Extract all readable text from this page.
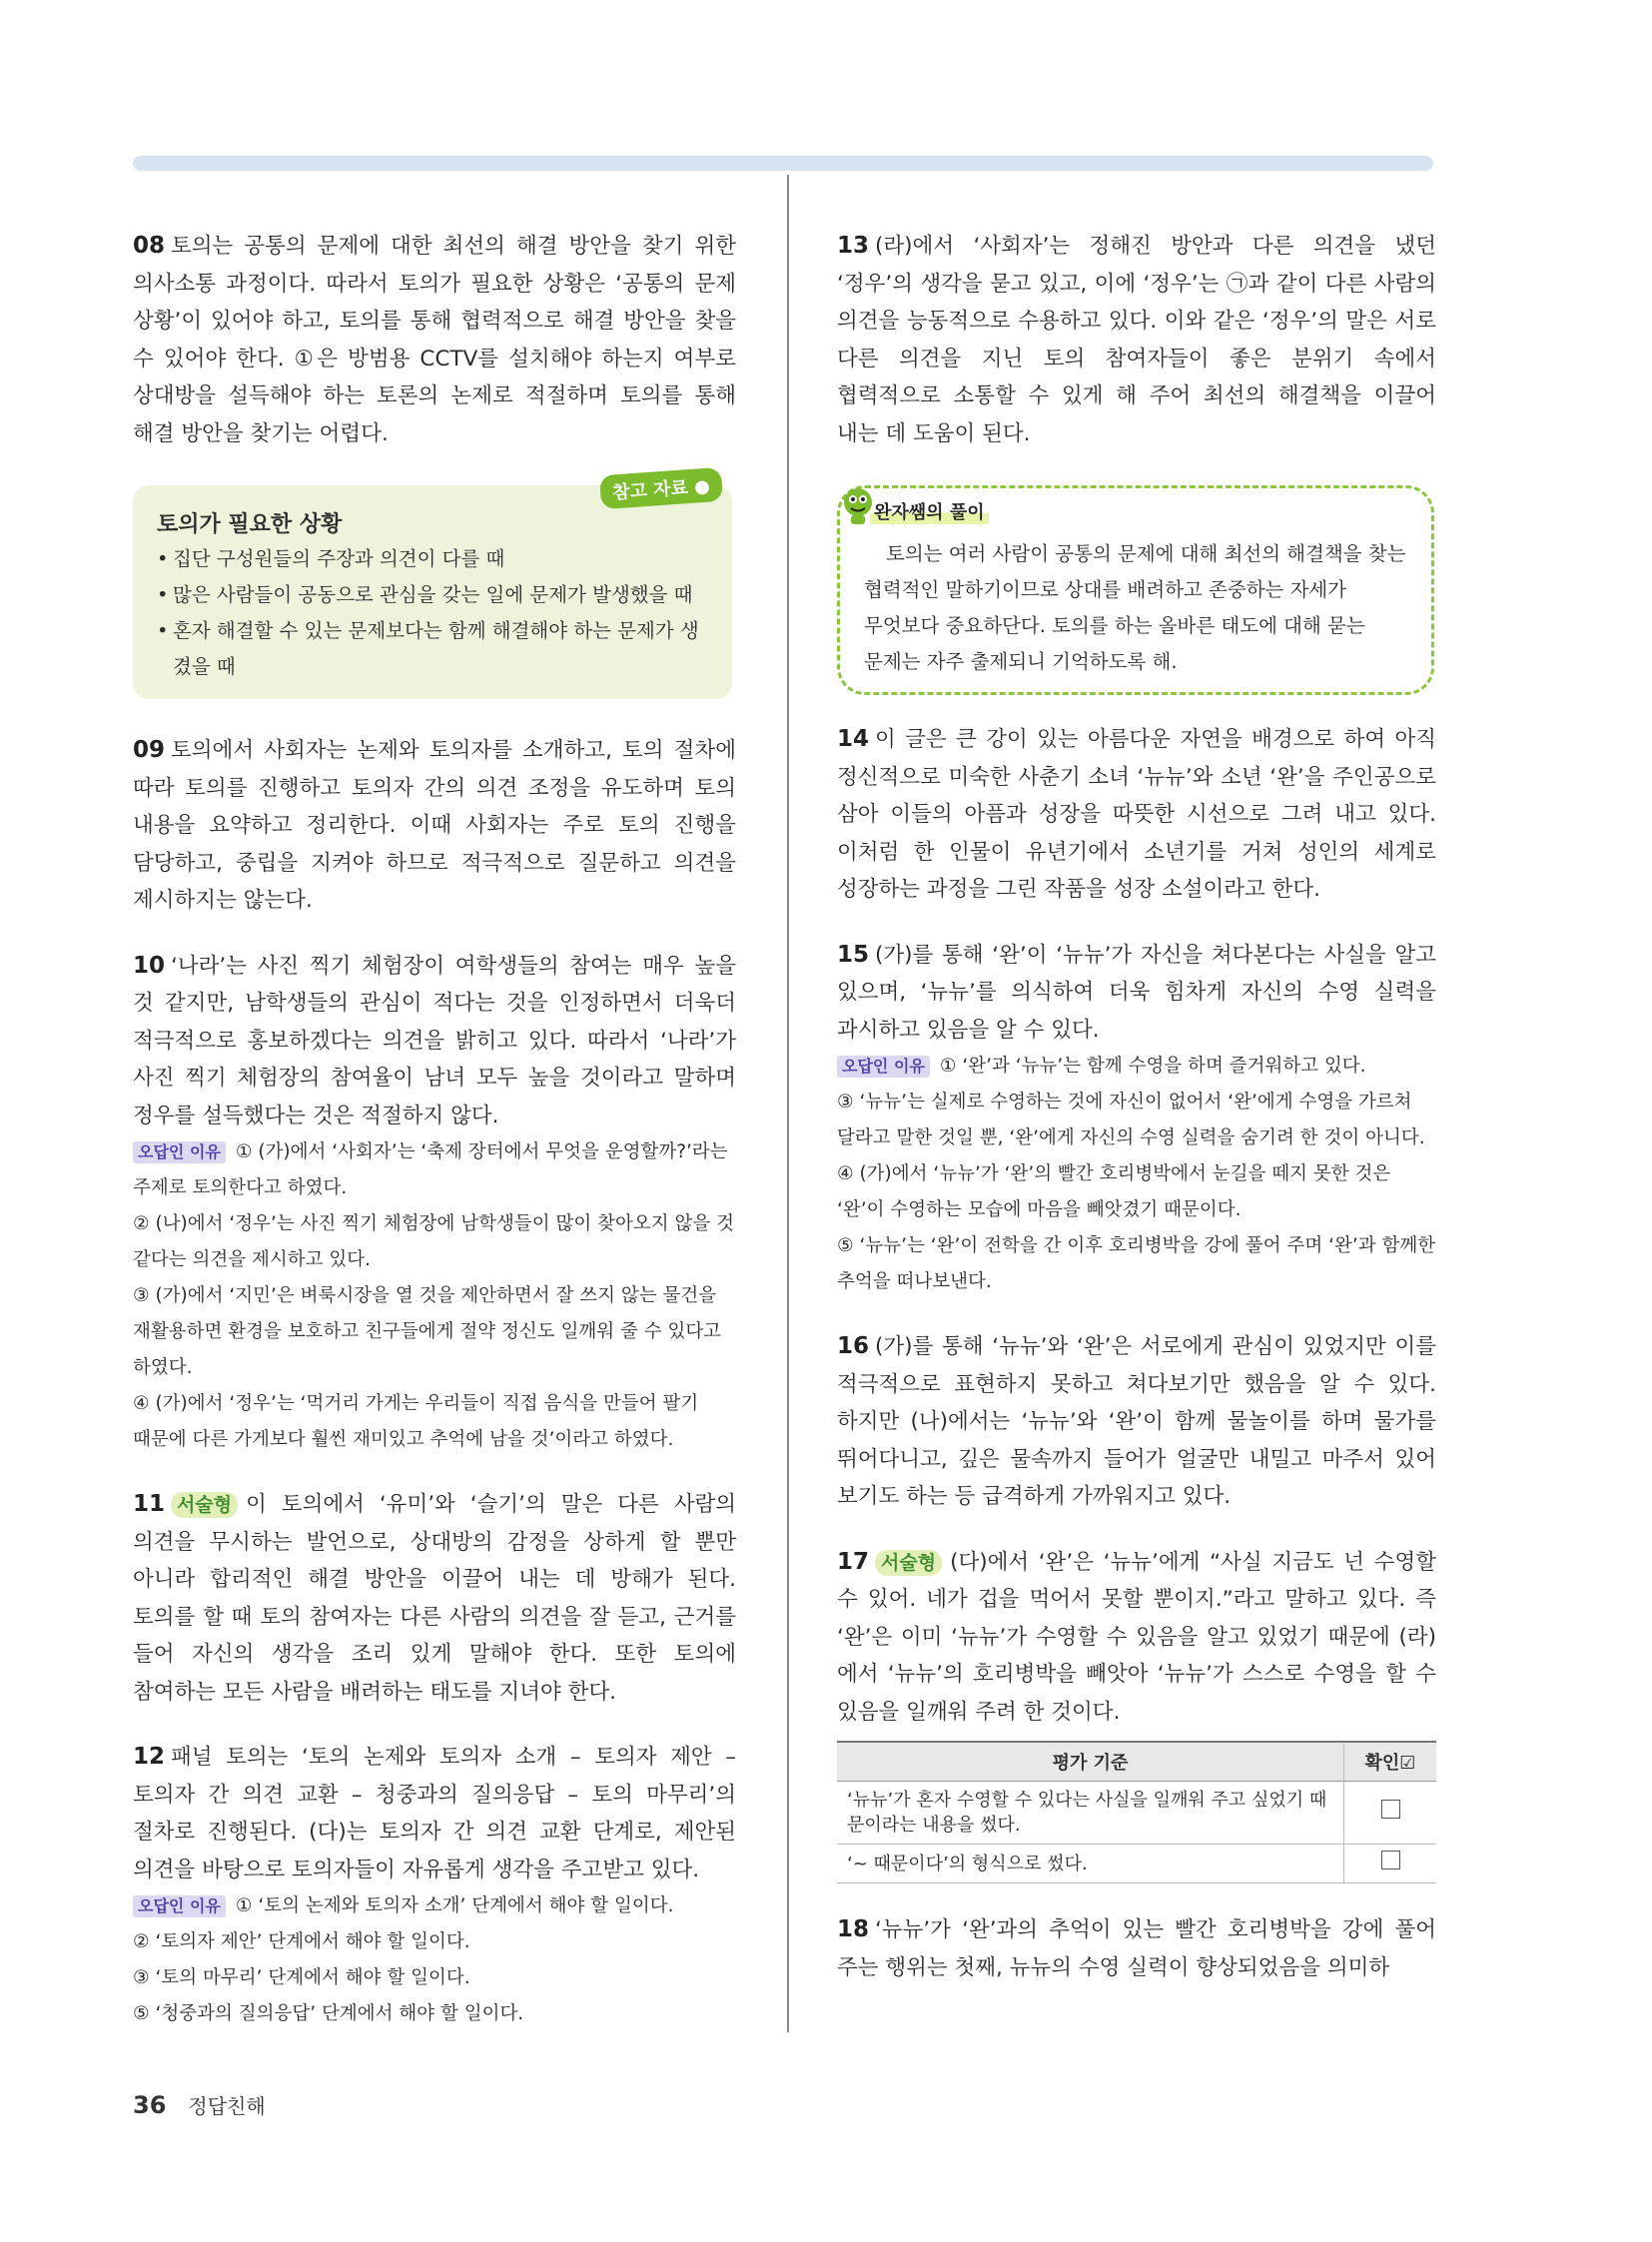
08 토의는 공통의 문제에 대한 최선의 해결 방안을 찾기 위한 의사소통 과정이다. 따라서 토의가 필요한 상황은 ‘공통의 문제 상황’이 있어야 하고, 토의를 통해 협력적으로 해결 방안을 찾을 수 있어야 한다. ①은 방범용 CCTV를 설치해야 하는지 여부로 상대방을 설득해야 하는 토론의 논제로 적절하며 토의를 통해 해결 방안을 찾기는 어렵다.

참고 자료 ●
토의가 필요한 상황
• 집단 구성원들의 주장과 의견이 다를 때
• 많은 사람들이 공동으로 관심을 갖는 일에 문제가 발생했을 때
• 혼자 해결할 수 있는 문제보다는 함께 해결해야 하는 문제가 생겼을 때

09 토의에서 사회자는 논제와 토의자를 소개하고, 토의 절차에 따라 토의를 진행하고 토의자 간의 의견 조정을 유도하며 토의 내용을 요약하고 정리한다. 이때 사회자는 주로 토의 진행을 담당하고, 중립을 지켜야 하므로 적극적으로 질문하고 의견을 제시하지는 않는다.

10 ‘나라’는 사진 찍기 체험장이 여학생들의 참여는 매우 높을 것 같지만, 남학생들의 관심이 적다는 것을 인정하면서 더욱더 적극적으로 홍보하겠다는 의견을 밝히고 있다. 따라서 ‘나라’가 사진 찍기 체험장의 참여율이 남녀 모두 높을 것이라고 말하며 정우를 설득했다는 것은 적절하지 않다.

오답인 이유 ① (가)에서 ‘사회자’는 ‘축제 장터에서 무엇을 운영할까?’라는 주제로 토의한다고 하였다.

② (나)에서 ‘정우’는 사진 찍기 체험장에 남학생들이 많이 찾아오지 않을 것 같다는 의견을 제시하고 있다.

③ (가)에서 ‘지민’은 벼룩시장을 열 것을 제안하면서 잘 쓰지 않는 물건을 재활용하면 환경을 보호하고 친구들에게 절약 정신도 일깨워 줄 수 있다고 하였다.

④ (가)에서 ‘정우’는 ‘먹거리 가게는 우리들이 직접 음식을 만들어 팔기 때문에 다른 가게보다 훨씬 재미있고 추억에 남을 것’이라고 하였다.

11 서술형 이 토의에서 ‘유미’와 ‘슬기’의 말은 다른 사람의 의견을 무시하는 발언으로, 상대방의 감정을 상하게 할 뿐만 아니라 합리적인 해결 방안을 이끌어 내는 데 방해가 된다. 토의를 할 때 토의 참여자는 다른 사람의 의견을 잘 듣고, 근거를 들어 자신의 생각을 조리 있게 말해야 한다. 또한 토의에 참여하는 모든 사람을 배려하는 태도를 지녀야 한다.

12 패널 토의는 ‘토의 논제와 토의자 소개 – 토의자 제안 – 토의자 간 의견 교환 – 청중과의 질의응답 – 토의 마무리’의 절차로 진행된다. (다)는 토의자 간 의견 교환 단계로, 제안된 의견을 바탕으로 토의자들이 자유롭게 생각을 주고받고 있다.

오답인 이유 ① ‘토의 논제와 토의자 소개’ 단계에서 해야 할 일이다.

② ‘토의자 제안’ 단계에서 해야 할 일이다.

③ ‘토의 마무리’ 단계에서 해야 할 일이다.

⑤ ‘청중과의 질의응답’ 단계에서 해야 할 일이다.

13 (라)에서 ‘사회자’는 정해진 방안과 다른 의견을 냈던 ‘정우’의 생각을 묻고 있고, 이에 ‘정우’는 ㉠과 같이 다른 사람의 의견을 능동적으로 수용하고 있다. 이와 같은 ‘정우’의 말은 서로 다른 의견을 지닌 토의 참여자들이 좋은 분위기 속에서 협력적으로 소통할 수 있게 해 주어 최선의 해결책을 이끌어 내는 데 도움이 된다.

완자쌤의 풀이

토의는 여러 사람이 공통의 문제에 대해 최선의 해결책을 찾는 협력적인 말하기이므로 상대를 배려하고 존중하는 자세가 무엇보다 중요하단다. 토의를 하는 올바른 태도에 대해 묻는 문제는 자주 출제되니 기억하도록 해.

14 이 글은 큰 강이 있는 아름다운 자연을 배경으로 하여 아직 정신적으로 미숙한 사춘기 소녀 ‘뉴뉴’와 소년 ‘완’을 주인공으로 삼아 이들의 아픔과 성장을 따뜻한 시선으로 그려 내고 있다. 이처럼 한 인물이 유년기에서 소년기를 거쳐 성인의 세계로 성장하는 과정을 그린 작품을 성장 소설이라고 한다.

15 (가)를 통해 ‘완’이 ‘뉴뉴’가 자신을 쳐다본다는 사실을 알고 있으며, ‘뉴뉴’를 의식하여 더욱 힘차게 자신의 수영 실력을 과시하고 있음을 알 수 있다.

오답인 이유 ① ‘완’과 ‘뉴뉴’는 함께 수영을 하며 즐거워하고 있다.

③ ‘뉴뉴’는 실제로 수영하는 것에 자신이 없어서 ‘완’에게 수영을 가르쳐 달라고 말한 것일 뿐, ‘완’에게 자신의 수영 실력을 숨기려 한 것이 아니다.

④ (가)에서 ‘뉴뉴’가 ‘완’의 빨간 호리병박에서 눈길을 떼지 못한 것은 ‘완’이 수영하는 모습에 마음을 빼앗겼기 때문이다.

⑤ ‘뉴뉴’는 ‘완’이 전학을 간 이후 호리병박을 강에 풀어 주며 ‘완’과 함께한 추억을 떠나보낸다.

16 (가)를 통해 ‘뉴뉴’와 ‘완’은 서로에게 관심이 있었지만 이를 적극적으로 표현하지 못하고 쳐다보기만 했음을 알 수 있다. 하지만 (나)에서는 ‘뉴뉴’와 ‘완’이 함께 물놀이를 하며 물가를 뛰어다니고, 깊은 물속까지 들어가 얼굴만 내밀고 마주서 있어 보기도 하는 등 급격하게 가까워지고 있다.

17 서술형 (다)에서 ‘완’은 ‘뉴뉴’에게 “사실 지금도 넌 수영할 수 있어. 네가 겁을 먹어서 못할 뿐이지.”라고 말하고 있다. 즉 ‘완’은 이미 ‘뉴뉴’가 수영할 수 있음을 알고 있었기 때문에 (라)에서 ‘뉴뉴’의 호리병박을 빼앗아 ‘뉴뉴’가 스스로 수영을 할 수 있음을 일깨워 주려 한 것이다.

평가 기준	확인☑
‘뉴뉴’가 혼자 수영할 수 있다는 사실을 일깨워 주고 싶었기 때문이라는 내용을 썼다.	
‘~ 때문이다’의 형식으로 썼다.	

18 ‘뉴뉴’가 ‘완’과의 추억이 있는 빨간 호리병박을 강에 풀어 주는 행위는 첫째, 뉴뉴의 수영 실력이 향상되었음을 의미하

36 정답친해
